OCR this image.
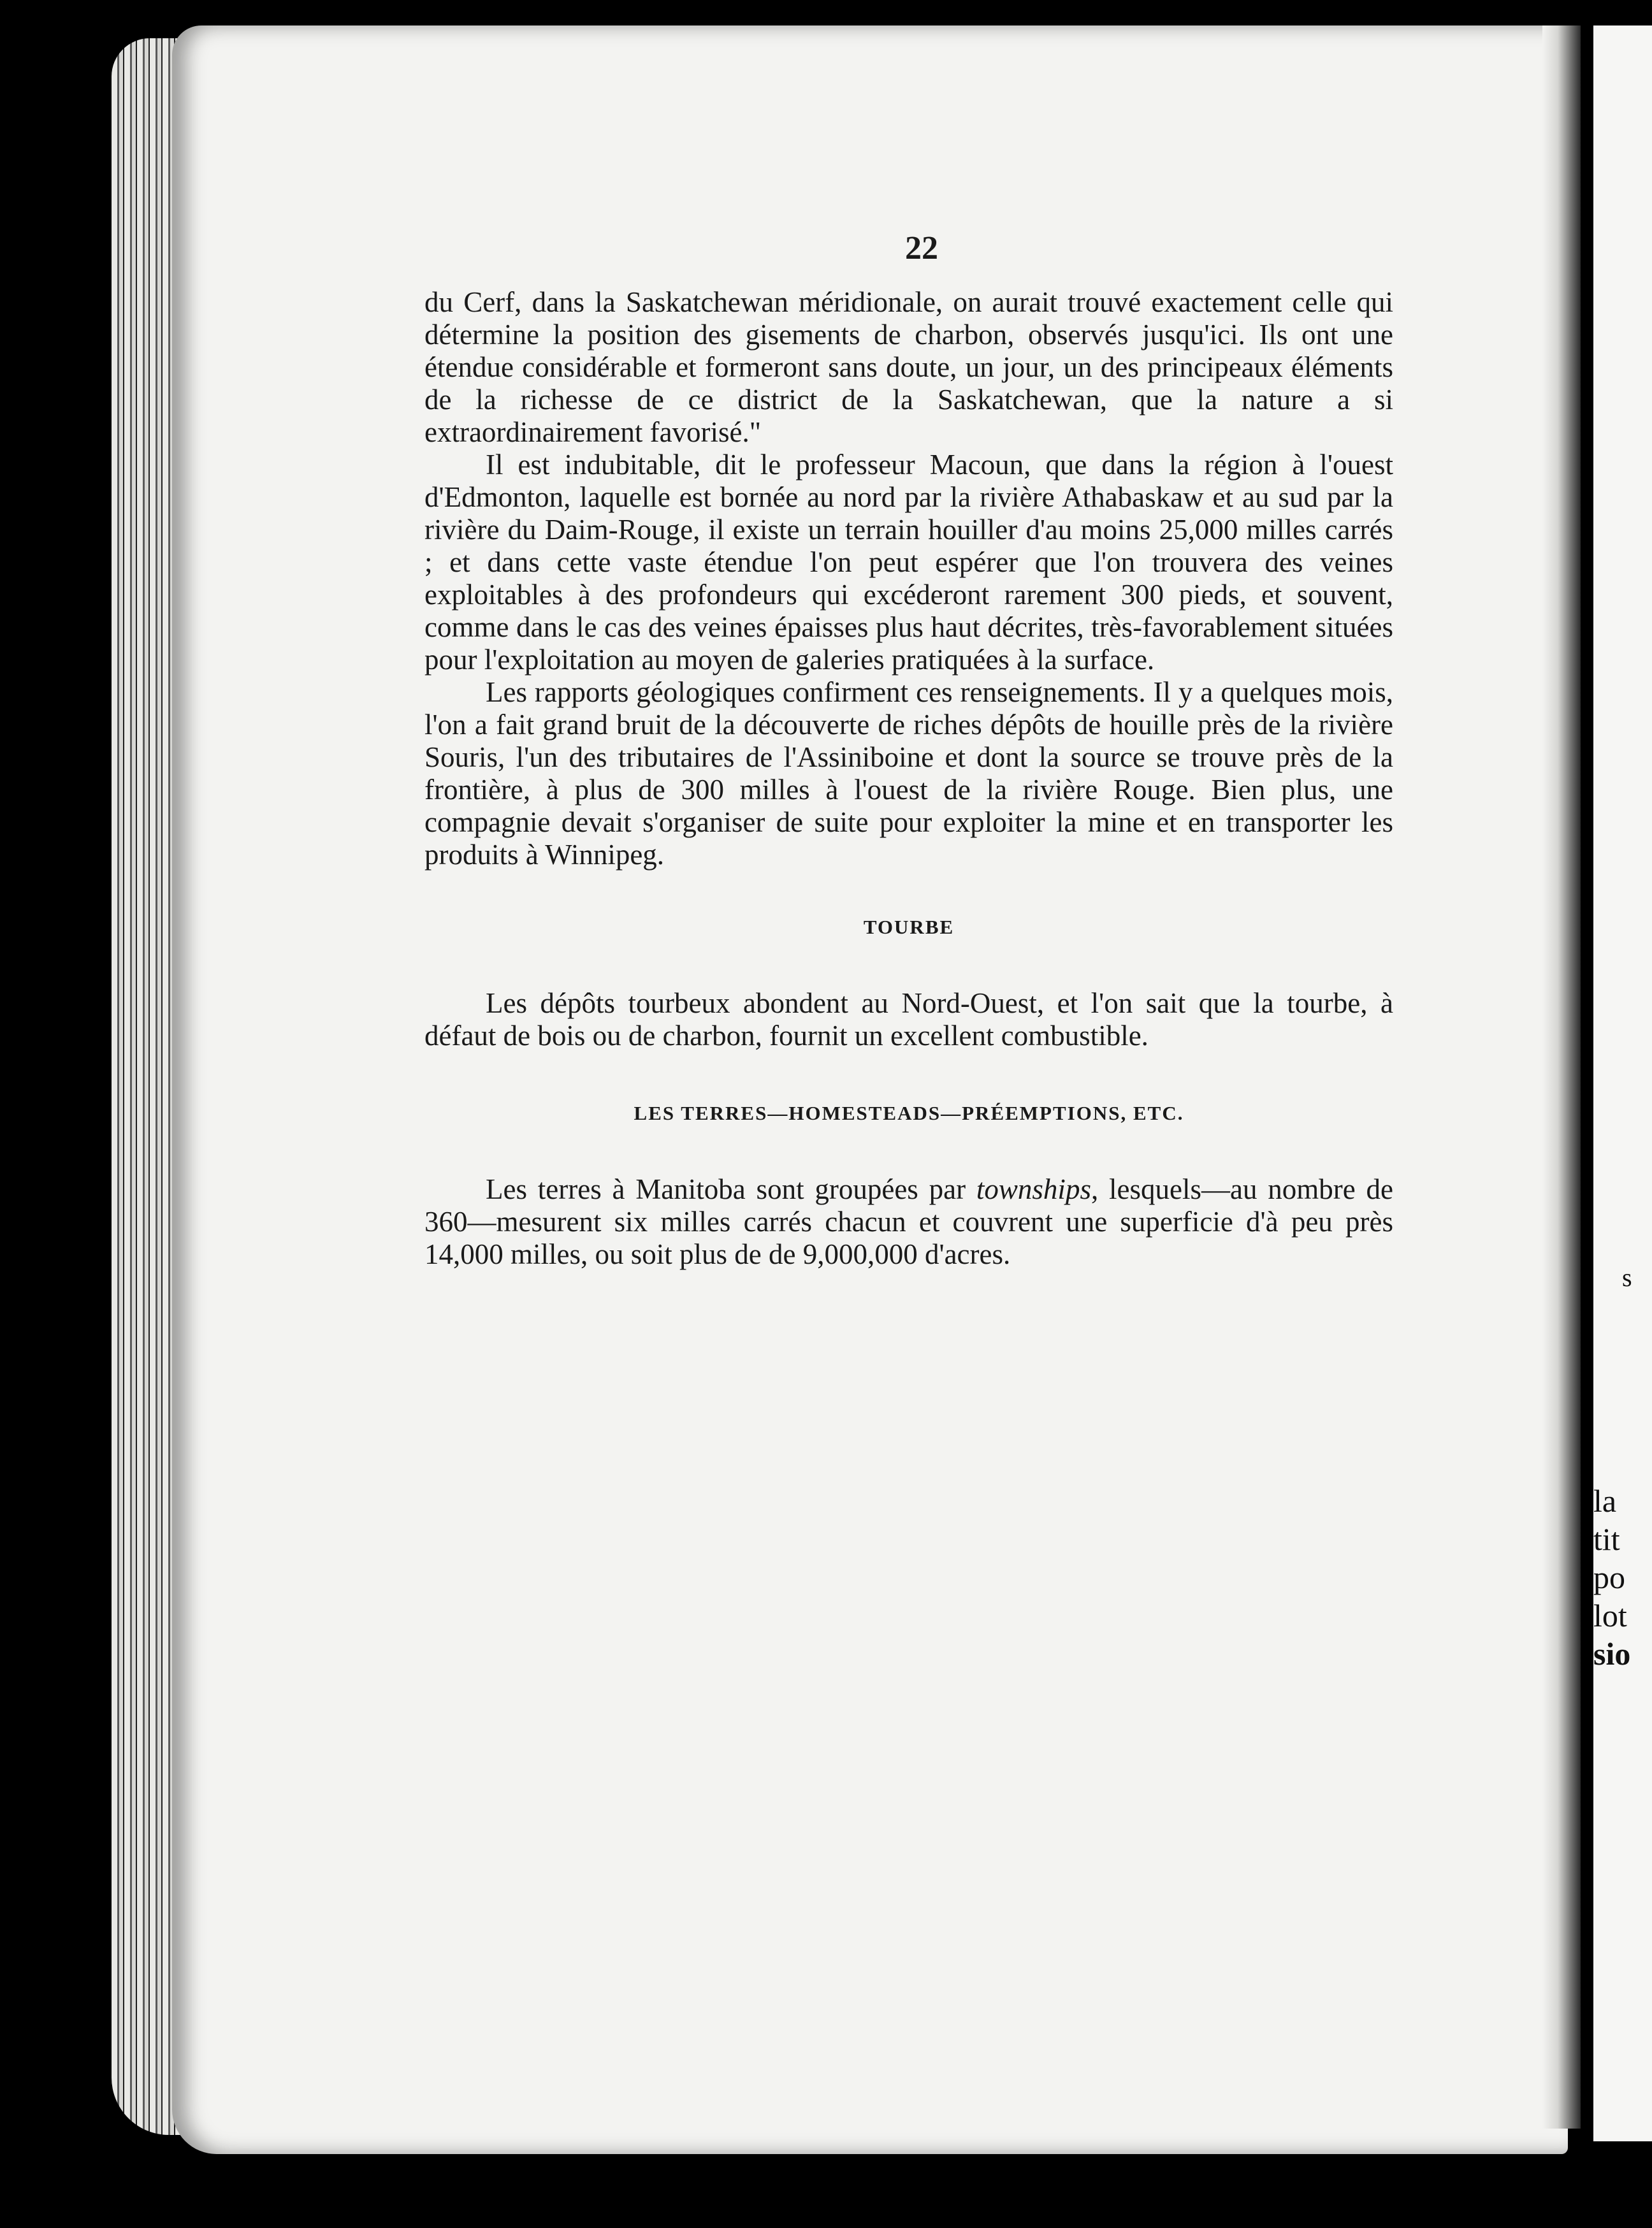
s
la
tit
po
lot
sio
22

du Cerf, dans la Saskatchewan méridionale, on aurait trouvé exactement celle qui détermine la position des gisements de charbon, observés jusqu'ici. Ils ont une étendue considérable et formeront sans doute, un jour, un des principeaux éléments de la richesse de ce district de la Saskatchewan, que la nature a si extraordinairement favorisé."

Il est indubitable, dit le professeur Macoun, que dans la région à l'ouest d'Edmonton, laquelle est bornée au nord par la rivière Athabaskaw et au sud par la rivière du Daim-Rouge, il existe un terrain houiller d'au moins 25,000 milles carrés ; et dans cette vaste étendue l'on peut espérer que l'on trouvera des veines exploitables à des profondeurs qui excéderont rarement 300 pieds, et souvent, comme dans le cas des veines épaisses plus haut décrites, très-favorablement situées pour l'exploitation au moyen de galeries pratiquées à la surface.

Les rapports géologiques confirment ces renseignements. Il y a quelques mois, l'on a fait grand bruit de la découverte de riches dépôts de houille près de la rivière Souris, l'un des tributaires de l'Assiniboine et dont la source se trouve près de la frontière, à plus de 300 milles à l'ouest de la rivière Rouge. Bien plus, une compagnie devait s'organiser de suite pour exploiter la mine et en transporter les produits à Winnipeg.

TOURBE

Les dépôts tourbeux abondent au Nord-Ouest, et l'on sait que la tourbe, à défaut de bois ou de charbon, fournit un excellent combustible.

LES TERRES—HOMESTEADS—PRÉEMPTIONS, ETC.

Les terres à Manitoba sont groupées par townships, lesquels—au nombre de 360—mesurent six milles carrés chacun et couvrent une superficie d'à peu près 14,000 milles, ou soit plus de de 9,000,000 d'acres.
